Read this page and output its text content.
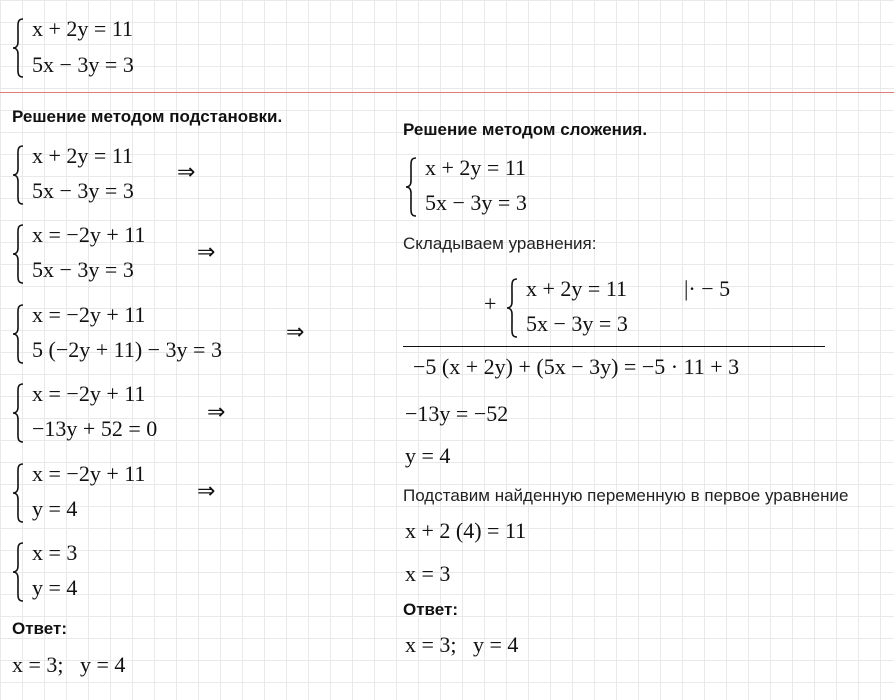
x + 2y = 11
5x − 3y = 3
Решение методом подстановки.
x + 2y = 11
5x − 3y = 3
⇒
x = −2y + 11
5x − 3y = 3
⇒
x = −2y + 11
5 (−2y + 11) − 3y = 3
⇒
x = −2y + 11
−13y + 52 = 0
⇒
x = −2y + 11
y = 4
⇒
x = 3
y = 4
Ответ:
x = 3;   y = 4
Решение методом сложения.
x + 2y = 11
5x − 3y = 3
Складываем уравнения:
+
x + 2y = 11	|· − 5
5x − 3y = 3
−5 (x + 2y) + (5x − 3y) = −5 · 11 + 3
−13y = −52
y = 4
Подставим найденную переменную в первое уравнение
x + 2 (4) = 11
x = 3
Ответ:
x = 3;   y = 4
